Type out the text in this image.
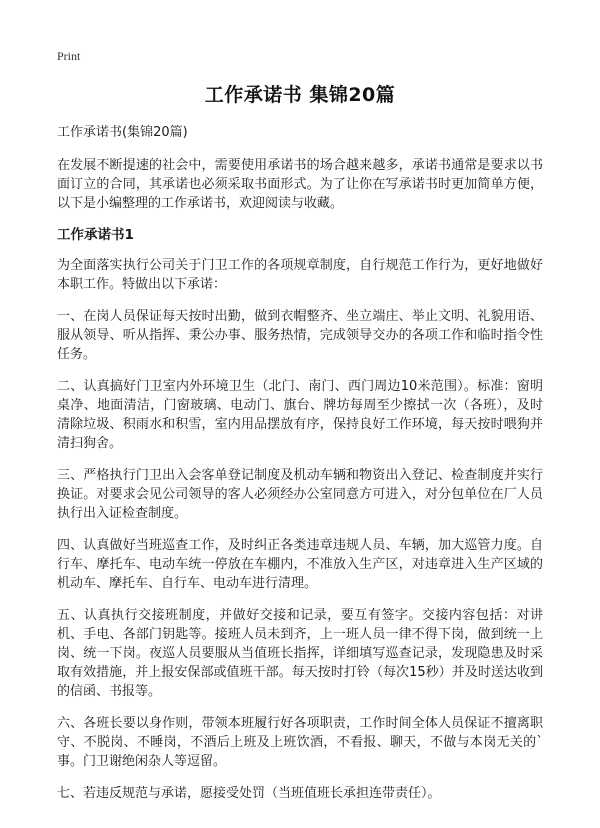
Print
工作承诺书 集锦20篇
工作承诺书(集锦20篇)

在发展不断提速的社会中，需要使用承诺书的场合越来越多，承诺书通常是要求以书面订立的合同，其承诺也必须采取书面形式。为了让你在写承诺书时更加简单方便，以下是小编整理的工作承诺书，欢迎阅读与收藏。

工作承诺书1

为全面落实执行公司关于门卫工作的各项规章制度，自行规范工作行为，更好地做好本职工作。特做出以下承诺：

一、在岗人员保证每天按时出勤，做到衣帽整齐、坐立端庄、举止文明、礼貌用语、服从领导、听从指挥、秉公办事、服务热情，完成领导交办的各项工作和临时指令性任务。

二、认真搞好门卫室内外环境卫生（北门、南门、西门周边10米范围）。标准：窗明桌净、地面清洁，门窗玻璃、电动门、旗台、牌坊每周至少擦拭一次（各班），及时清除垃圾、积雨水和积雪，室内用品摆放有序，保持良好工作环境，每天按时喂狗并清扫狗舍。

三、严格执行门卫出入会客单登记制度及机动车辆和物资出入登记、检查制度并实行换证。对要求会见公司领导的客人必须经办公室同意方可进入，对分包单位在厂人员执行出入证检查制度。

四、认真做好当班巡查工作，及时纠正各类违章违规人员、车辆，加大巡管力度。自行车、摩托车、电动车统一停放在车棚内，不准放入生产区，对违章进入生产区域的机动车、摩托车、自行车、电动车进行清理。

五、认真执行交接班制度，并做好交接和记录，要互有签字。交接内容包括：对讲机、手电、各部门钥匙等。接班人员未到齐，上一班人员一律不得下岗，做到统一上岗、统一下岗。夜巡人员要服从当值班长指挥，详细填写巡查记录，发现隐患及时采取有效措施，并上报安保部或值班干部。每天按时打铃（每次15秒）并及时送达收到的信函、书报等。

六、各班长要以身作则，带领本班履行好各项职责，工作时间全体人员保证不擅离职守、不脱岗、不睡岗，不酒后上班及上班饮酒，不看报、聊天，不做与本岗无关的`事。门卫谢绝闲杂人等逗留。

七、若违反规范与承诺，愿接受处罚（当班值班长承担连带责任）。
